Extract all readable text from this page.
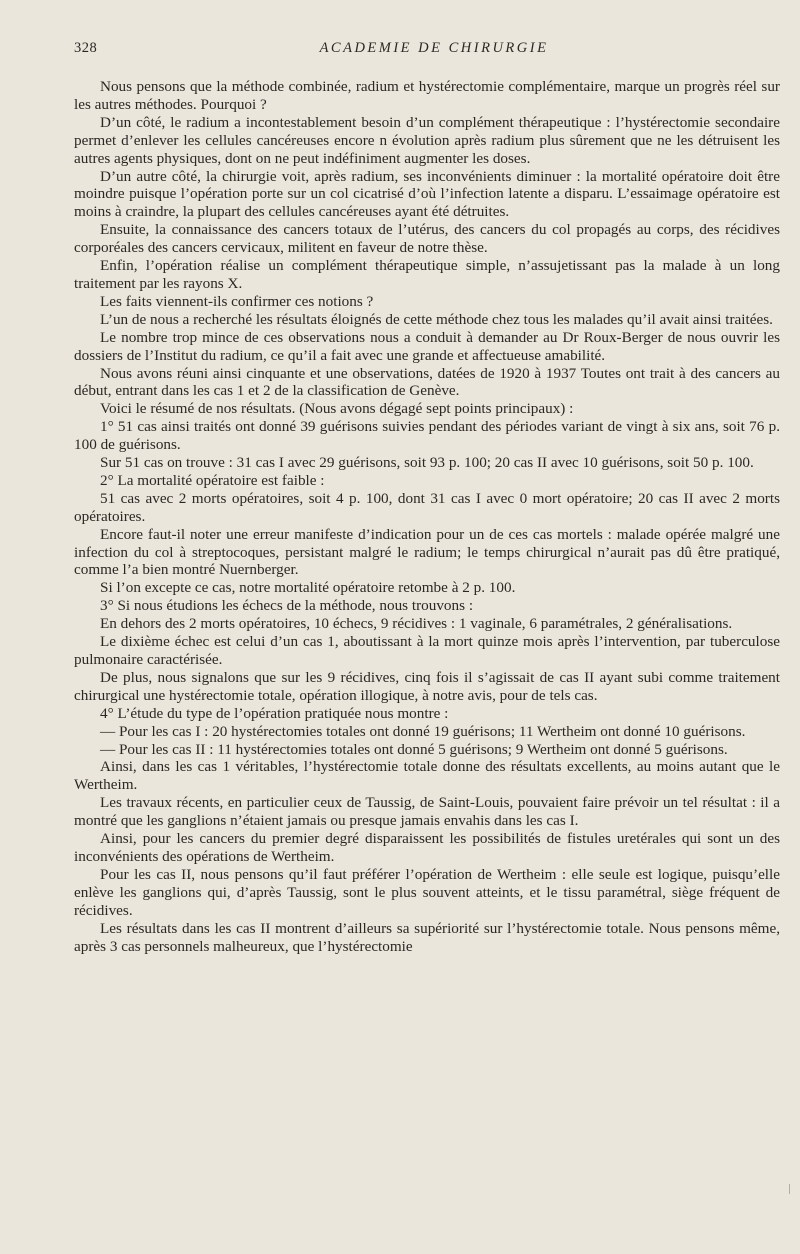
328	ACADEMIE DE CHIRURGIE

Nous pensons que la méthode combinée, radium et hystérectomie complémentaire, marque un progrès réel sur les autres méthodes. Pourquoi ?

D’un côté, le radium a incontestablement besoin d’un complément thérapeutique : l’hystérectomie secondaire permet d’enlever les cellules cancéreuses encore n évolution après radium plus sûrement que ne les détruisent les autres agents physiques, dont on ne peut indéfiniment augmenter les doses.

D’un autre côté, la chirurgie voit, après radium, ses inconvénients diminuer : la mortalité opératoire doit être moindre puisque l’opération porte sur un col cicatrisé d’où l’infection latente a disparu. L’essaimage opératoire est moins à craindre, la plupart des cellules cancéreuses ayant été détruites.

Ensuite, la connaissance des cancers totaux de l’utérus, des cancers du col propagés au corps, des récidives corporéales des cancers cervicaux, militent en faveur de notre thèse.

Enfin, l’opération réalise un complément thérapeutique simple, n’assujetissant pas la malade à un long traitement par les rayons X.

Les faits viennent-ils confirmer ces notions ?

L’un de nous a recherché les résultats éloignés de cette méthode chez tous les malades qu’il avait ainsi traitées.

Le nombre trop mince de ces observations nous a conduit à demander au Dr Roux-Berger de nous ouvrir les dossiers de l’Institut du radium, ce qu’il a fait avec une grande et affectueuse amabilité.

Nous avons réuni ainsi cinquante et une observations, datées de 1920 à 1937 Toutes ont trait à des cancers au début, entrant dans les cas 1 et 2 de la classification de Genève.

Voici le résumé de nos résultats. (Nous avons dégagé sept points principaux) :

1° 51 cas ainsi traités ont donné 39 guérisons suivies pendant des périodes variant de vingt à six ans, soit 76 p. 100 de guérisons.

Sur 51 cas on trouve : 31 cas I avec 29 guérisons, soit 93 p. 100; 20 cas II avec 10 guérisons, soit 50 p. 100.

2° La mortalité opératoire est faible :

51 cas avec 2 morts opératoires, soit 4 p. 100, dont 31 cas I avec 0 mort opératoire; 20 cas II avec 2 morts opératoires.

Encore faut-il noter une erreur manifeste d’indication pour un de ces cas mortels : malade opérée malgré une infection du col à streptocoques, persistant malgré le radium; le temps chirurgical n’aurait pas dû être pratiqué, comme l’a bien montré Nuernberger.

Si l’on excepte ce cas, notre mortalité opératoire retombe à 2 p. 100.

3° Si nous étudions les échecs de la méthode, nous trouvons :

En dehors des 2 morts opératoires, 10 échecs, 9 récidives : 1 vaginale, 6 paramétrales, 2 généralisations.

Le dixième échec est celui d’un cas 1, aboutissant à la mort quinze mois après l’intervention, par tuberculose pulmonaire caractérisée.

De plus, nous signalons que sur les 9 récidives, cinq fois il s’agissait de cas II ayant subi comme traitement chirurgical une hystérectomie totale, opération illogique, à notre avis, pour de tels cas.

4° L’étude du type de l’opération pratiquée nous montre :

— Pour les cas I : 20 hystérectomies totales ont donné 19 guérisons; 11 Wertheim ont donné 10 guérisons.

— Pour les cas II : 11 hystérectomies totales ont donné 5 guérisons; 9 Wertheim ont donné 5 guérisons.

Ainsi, dans les cas 1 véritables, l’hystérectomie totale donne des résultats excellents, au moins autant que le Wertheim.

Les travaux récents, en particulier ceux de Taussig, de Saint-Louis, pouvaient faire prévoir un tel résultat : il a montré que les ganglions n’étaient jamais ou presque jamais envahis dans les cas I.

Ainsi, pour les cancers du premier degré disparaissent les possibilités de fistules uretérales qui sont un des inconvénients des opérations de Wertheim.

Pour les cas II, nous pensons qu’il faut préférer l’opération de Wertheim : elle seule est logique, puisqu’elle enlève les ganglions qui, d’après Taussig, sont le plus souvent atteints, et le tissu paramétral, siège fréquent de récidives.

Les résultats dans les cas II montrent d’ailleurs sa supériorité sur l’hystérectomie totale. Nous pensons même, après 3 cas personnels malheureux, que l’hystérectomie
